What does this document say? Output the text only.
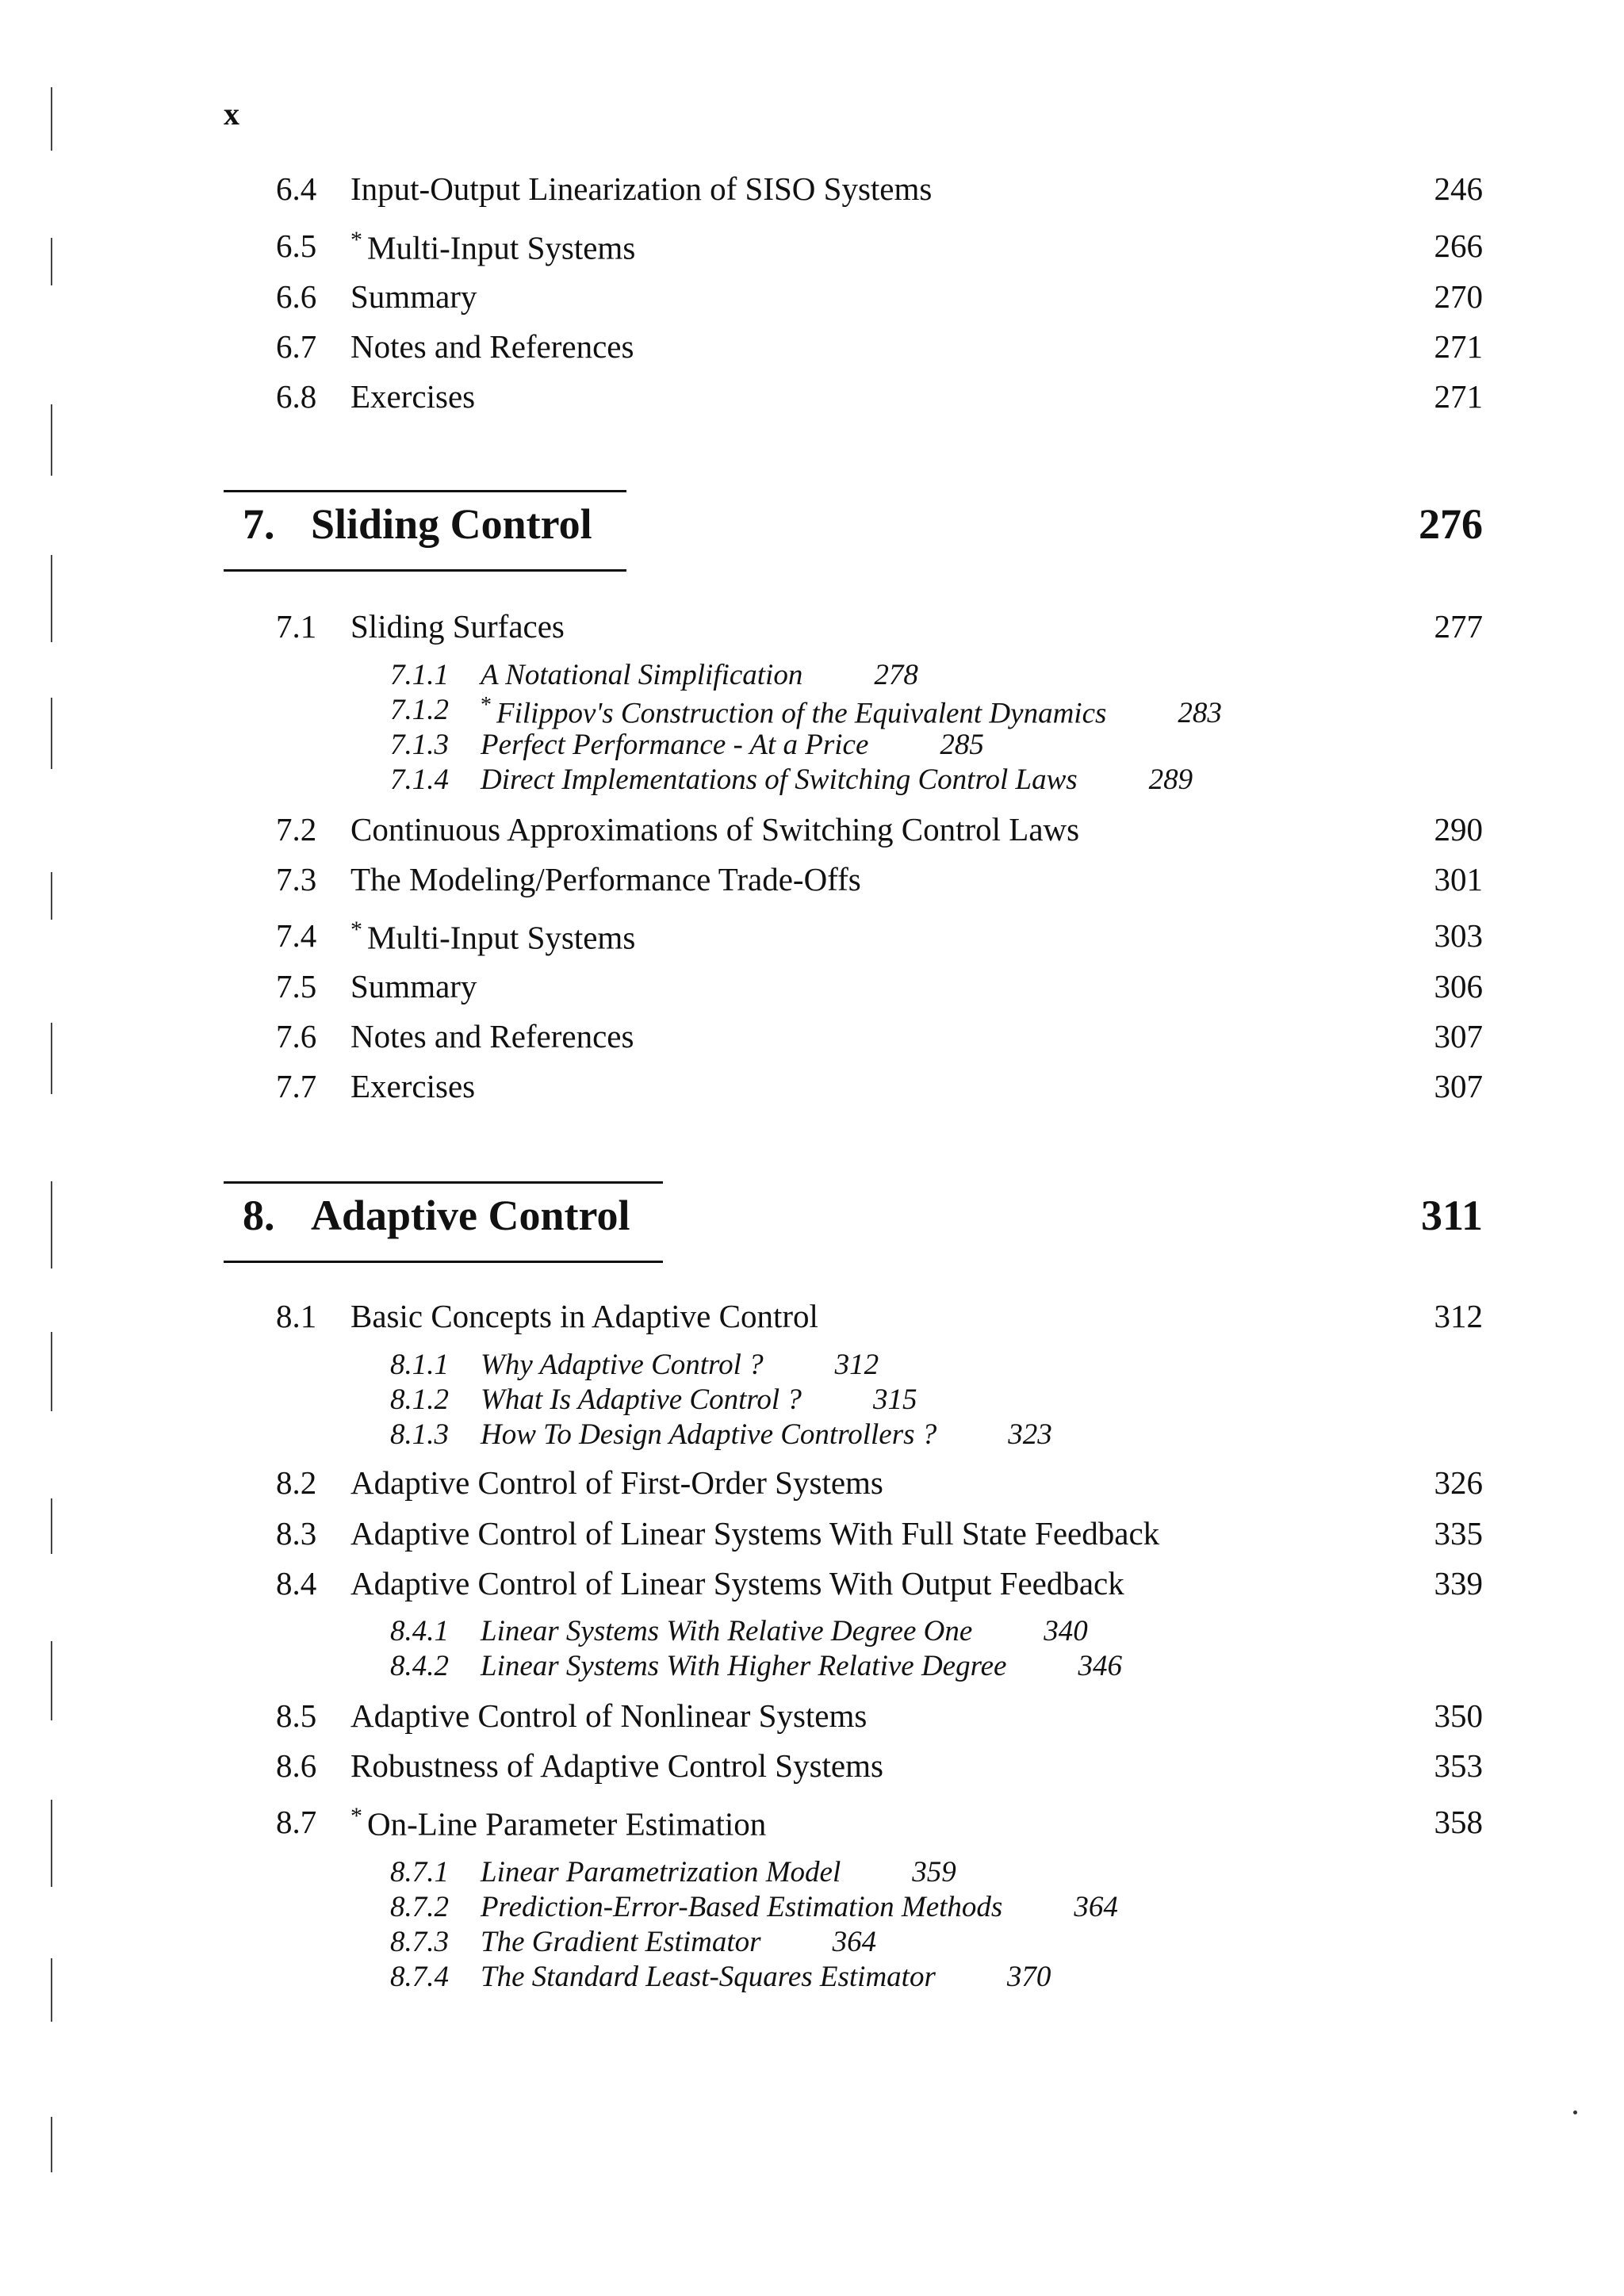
x
6.4 Input-Output Linearization of SISO Systems	246
6.5 * Multi-Input Systems	266
6.6 Summary	270
6.7 Notes and References	271
6.8 Exercises	271
7. Sliding Control	276
7.1 Sliding Surfaces	277
7.1.1 A Notational Simplification 278
7.1.2 * Filippov's Construction of the Equivalent Dynamics 283
7.1.3 Perfect Performance - At a Price 285
7.1.4 Direct Implementations of Switching Control Laws 289
7.2 Continuous Approximations of Switching Control Laws	290
7.3 The Modeling/Performance Trade-Offs	301
7.4 * Multi-Input Systems	303
7.5 Summary	306
7.6 Notes and References	307
7.7 Exercises	307
8. Adaptive Control	311
8.1 Basic Concepts in Adaptive Control	312
8.1.1 Why Adaptive Control ? 312
8.1.2 What Is Adaptive Control ? 315
8.1.3 How To Design Adaptive Controllers ? 323
8.2 Adaptive Control of First-Order Systems	326
8.3 Adaptive Control of Linear Systems With Full State Feedback	335
8.4 Adaptive Control of Linear Systems With Output Feedback	339
8.4.1 Linear Systems With Relative Degree One 340
8.4.2 Linear Systems With Higher Relative Degree 346
8.5 Adaptive Control of Nonlinear Systems	350
8.6 Robustness of Adaptive Control Systems	353
8.7 * On-Line Parameter Estimation	358
8.7.1 Linear Parametrization Model 359
8.7.2 Prediction-Error-Based Estimation Methods 364
8.7.3 The Gradient Estimator 364
8.7.4 The Standard Least-Squares Estimator 370
